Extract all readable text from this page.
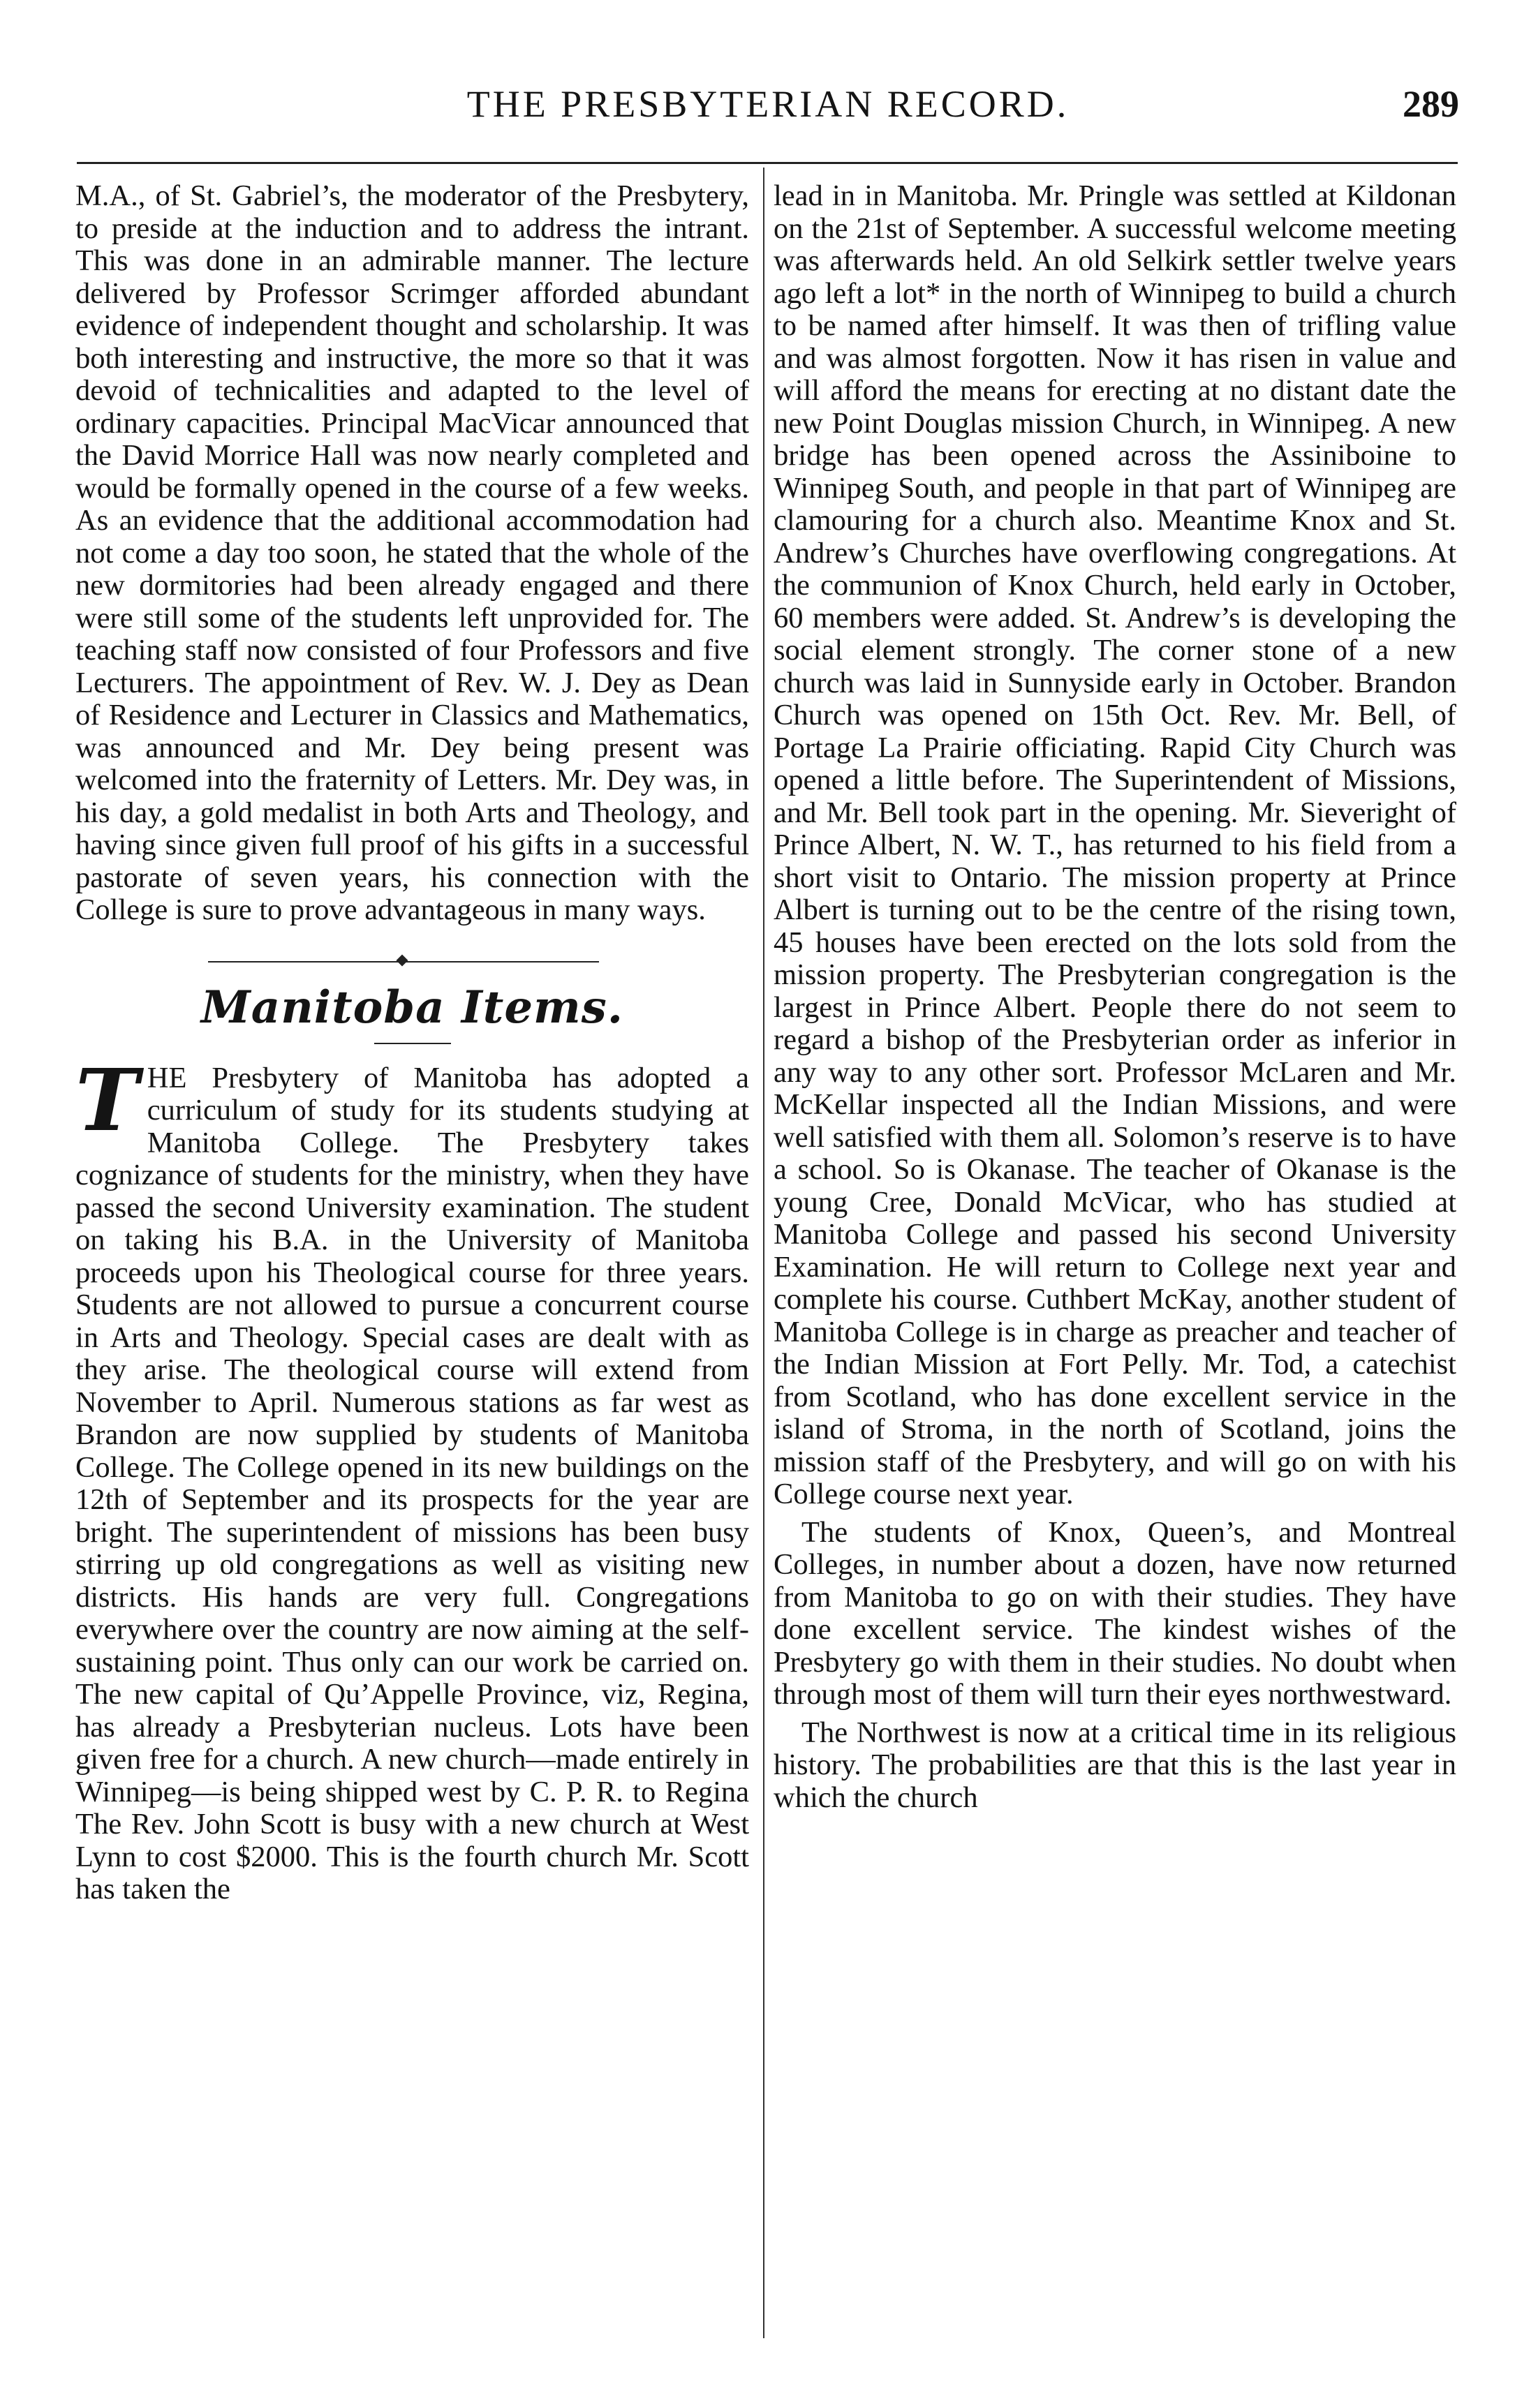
THE PRESBYTERIAN RECORD.	289

M.A., of St. Gabriel’s, the moderator of the Presbytery, to preside at the induction and to address the intrant. This was done in an admirable manner. The lecture delivered by Professor Scrimger afforded abundant evidence of independent thought and scholarship. It was both interesting and instructive, the more so that it was devoid of technicalities and adapted to the level of ordinary capacities. Principal MacVicar announced that the David Morrice Hall was now nearly completed and would be formally opened in the course of a few weeks. As an evidence that the additional accommodation had not come a day too soon, he stated that the whole of the new dormitories had been already engaged and there were still some of the students left unprovided for. The teaching staff now consisted of four Professors and five Lecturers. The appointment of Rev. W. J. Dey as Dean of Residence and Lecturer in Classics and Mathematics, was announced and Mr. Dey being present was welcomed into the fraternity of Letters. Mr. Dey was, in his day, a gold medalist in both Arts and Theology, and having since given full proof of his gifts in a successful pastorate of seven years, his connection with the College is sure to prove advantageous in many ways.

Manitoba Items.

THE Presbytery of Manitoba has adopted a curriculum of study for its students studying at Manitoba College. The Presbytery takes cognizance of students for the ministry, when they have passed the second University examination. The student on taking his B.A. in the University of Manitoba proceeds upon his Theological course for three years. Students are not allowed to pursue a concurrent course in Arts and Theology. Special cases are dealt with as they arise. The theological course will extend from November to April. Numerous stations as far west as Brandon are now supplied by students of Manitoba College. The College opened in its new buildings on the 12th of September and its prospects for the year are bright. The superintendent of missions has been busy stirring up old congregations as well as visiting new districts. His hands are very full. Congregations everywhere over the country are now aiming at the self-sustaining point. Thus only can our work be carried on. The new capital of Qu’Appelle Province, viz, Regina, has already a Presbyterian nucleus. Lots have been given free for a church. A new church—made entirely in Winnipeg—is being shipped west by C. P. R. to Regina The Rev. John Scott is busy with a new church at West Lynn to cost $2000. This is the fourth church Mr. Scott has taken the

lead in in Manitoba. Mr. Pringle was settled at Kildonan on the 21st of September. A successful welcome meeting was afterwards held. An old Selkirk settler twelve years ago left a lot* in the north of Winnipeg to build a church to be named after himself. It was then of trifling value and was almost forgotten. Now it has risen in value and will afford the means for erecting at no distant date the new Point Douglas mission Church, in Winnipeg. A new bridge has been opened across the Assiniboine to Winnipeg South, and people in that part of Winnipeg are clamouring for a church also. Meantime Knox and St. Andrew’s Churches have overflowing congregations. At the communion of Knox Church, held early in October, 60 members were added. St. Andrew’s is developing the social element strongly. The corner stone of a new church was laid in Sunnyside early in October. Brandon Church was opened on 15th Oct. Rev. Mr. Bell, of Portage La Prairie officiating. Rapid City Church was opened a little before. The Superintendent of Missions, and Mr. Bell took part in the opening. Mr. Sieveright of Prince Albert, N. W. T., has returned to his field from a short visit to Ontario. The mission property at Prince Albert is turning out to be the centre of the rising town, 45 houses have been erected on the lots sold from the mission property. The Presbyterian congregation is the largest in Prince Albert. People there do not seem to regard a bishop of the Presbyterian order as inferior in any way to any other sort. Professor McLaren and Mr. McKellar inspected all the Indian Missions, and were well satisfied with them all. Solomon’s reserve is to have a school. So is Okanase. The teacher of Okanase is the young Cree, Donald McVicar, who has studied at Manitoba College and passed his second University Examination. He will return to College next year and complete his course. Cuthbert McKay, another student of Manitoba College is in charge as preacher and teacher of the Indian Mission at Fort Pelly. Mr. Tod, a catechist from Scotland, who has done excellent service in the island of Stroma, in the north of Scotland, joins the mission staff of the Presbytery, and will go on with his College course next year.

The students of Knox, Queen’s, and Montreal Colleges, in number about a dozen, have now returned from Manitoba to go on with their studies. They have done excellent service. The kindest wishes of the Presbytery go with them in their studies. No doubt when through most of them will turn their eyes northwestward.

The Northwest is now at a critical time in its religious history. The probabilities are that this is the last year in which the church
